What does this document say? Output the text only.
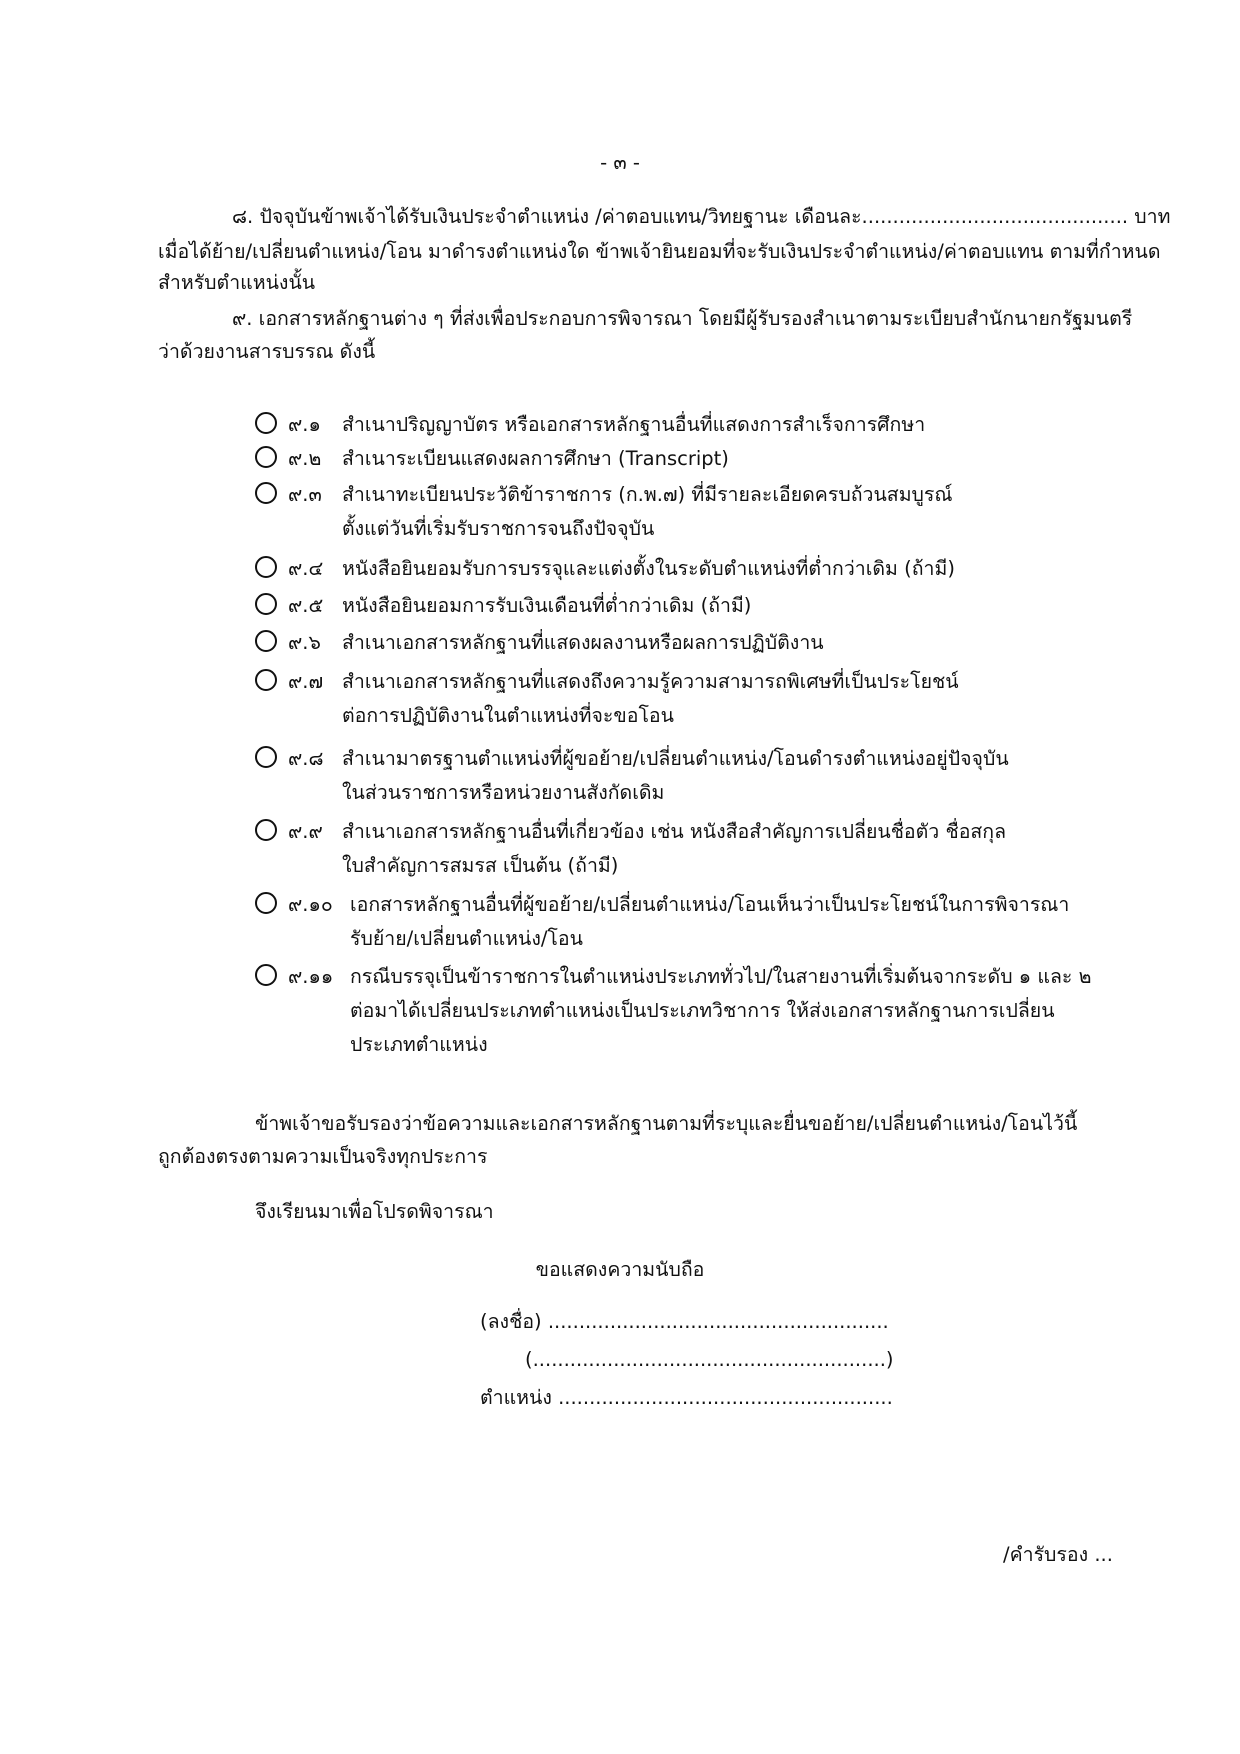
- ๓ -
๘. ปัจจุบันข้าพเจ้าได้รับเงินประจำตำแหน่ง /ค่าตอบแทน/วิทยฐานะ เดือนละ........................................... บาท
เมื่อได้ย้าย/เปลี่ยนตำแหน่ง/โอน มาดำรงตำแหน่งใด ข้าพเจ้ายินยอมที่จะรับเงินประจำตำแหน่ง/ค่าตอบแทน ตามที่กำหนด
สำหรับตำแหน่งนั้น
๙. เอกสารหลักฐานต่าง ๆ ที่ส่งเพื่อประกอบการพิจารณา โดยมีผู้รับรองสำเนาตามระเบียบสำนักนายกรัฐมนตรี
ว่าด้วยงานสารบรรณ ดังนี้
๙.๑ สำเนาปริญญาบัตร หรือเอกสารหลักฐานอื่นที่แสดงการสำเร็จการศึกษา
๙.๒ สำเนาระเบียนแสดงผลการศึกษา (Transcript)
๙.๓ สำเนาทะเบียนประวัติข้าราชการ (ก.พ.๗) ที่มีรายละเอียดครบถ้วนสมบูรณ์
ตั้งแต่วันที่เริ่มรับราชการจนถึงปัจจุบัน
๙.๔ หนังสือยินยอมรับการบรรจุและแต่งตั้งในระดับตำแหน่งที่ต่ำกว่าเดิม (ถ้ามี)
๙.๕ หนังสือยินยอมการรับเงินเดือนที่ต่ำกว่าเดิม (ถ้ามี)
๙.๖ สำเนาเอกสารหลักฐานที่แสดงผลงานหรือผลการปฏิบัติงาน
๙.๗ สำเนาเอกสารหลักฐานที่แสดงถึงความรู้ความสามารถพิเศษที่เป็นประโยชน์
ต่อการปฏิบัติงานในตำแหน่งที่จะขอโอน
๙.๘ สำเนามาตรฐานตำแหน่งที่ผู้ขอย้าย/เปลี่ยนตำแหน่ง/โอนดำรงตำแหน่งอยู่ปัจจุบัน
ในส่วนราชการหรือหน่วยงานสังกัดเดิม
๙.๙ สำเนาเอกสารหลักฐานอื่นที่เกี่ยวข้อง เช่น หนังสือสำคัญการเปลี่ยนชื่อตัว ชื่อสกุล
ใบสำคัญการสมรส เป็นต้น (ถ้ามี)
๙.๑๐ เอกสารหลักฐานอื่นที่ผู้ขอย้าย/เปลี่ยนตำแหน่ง/โอนเห็นว่าเป็นประโยชน์ในการพิจารณา
รับย้าย/เปลี่ยนตำแหน่ง/โอน
๙.๑๑ กรณีบรรจุเป็นข้าราชการในตำแหน่งประเภททั่วไป/ในสายงานที่เริ่มต้นจากระดับ ๑ และ ๒
ต่อมาได้เปลี่ยนประเภทตำแหน่งเป็นประเภทวิชาการ ให้ส่งเอกสารหลักฐานการเปลี่ยน
ประเภทตำแหน่ง
ข้าพเจ้าขอรับรองว่าข้อความและเอกสารหลักฐานตามที่ระบุและยื่นขอย้าย/เปลี่ยนตำแหน่ง/โอนไว้นี้
ถูกต้องตรงตามความเป็นจริงทุกประการ
จึงเรียนมาเพื่อโปรดพิจารณา
ขอแสดงความนับถือ
(ลงชื่อ) .......................................................
(.........................................................)
ตำแหน่ง ......................................................
/คำรับรอง ...
